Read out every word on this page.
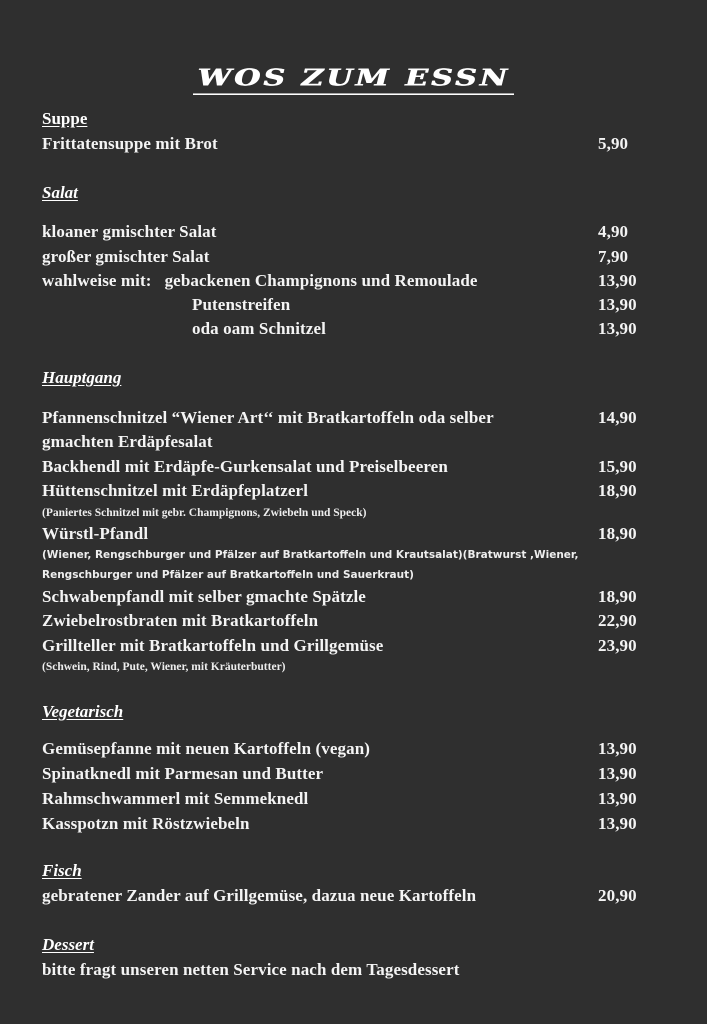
WOS ZUM ESSN
Suppe
Frittatensuppe mit Brot	5,90
Salat
kloaner gmischter Salat	4,90
großer gmischter Salat	7,90
wahlweise mit:   gebackenen Champignons und Remoulade	13,90
Putenstreifen	13,90
oda oam Schnitzel	13,90
Hauptgang
Pfannenschnitzel “Wiener Art‘‘ mit Bratkartoffeln oda selber	14,90
gmachten Erdäpfesalat
Backhendl mit Erdäpfe-Gurkensalat und Preiselbeeren	15,90
Hüttenschnitzel mit Erdäpfeplatzerl	18,90
(Paniertes Schnitzel mit gebr. Champignons, Zwiebeln und Speck)
Würstl-Pfandl	18,90
(Wiener, Rengschburger und Pfälzer auf Bratkartoffeln und Krautsalat)(Bratwurst ,Wiener,
Rengschburger und Pfälzer auf Bratkartoffeln und Sauerkraut)
Schwabenpfandl mit selber gmachte Spätzle	18,90
Zwiebelrostbraten mit Bratkartoffeln	22,90
Grillteller mit Bratkartoffeln und Grillgemüse	23,90
(Schwein, Rind, Pute, Wiener, mit Kräuterbutter)
Vegetarisch
Gemüsepfanne mit neuen Kartoffeln (vegan)	13,90
Spinatknedl mit Parmesan und Butter	13,90
Rahmschwammerl mit Semmeknedl	13,90
Kasspotzn mit Röstzwiebeln	13,90
Fisch
gebratener Zander auf Grillgemüse, dazua neue Kartoffeln	20,90
Dessert
bitte fragt unseren netten Service nach dem Tagesdessert
